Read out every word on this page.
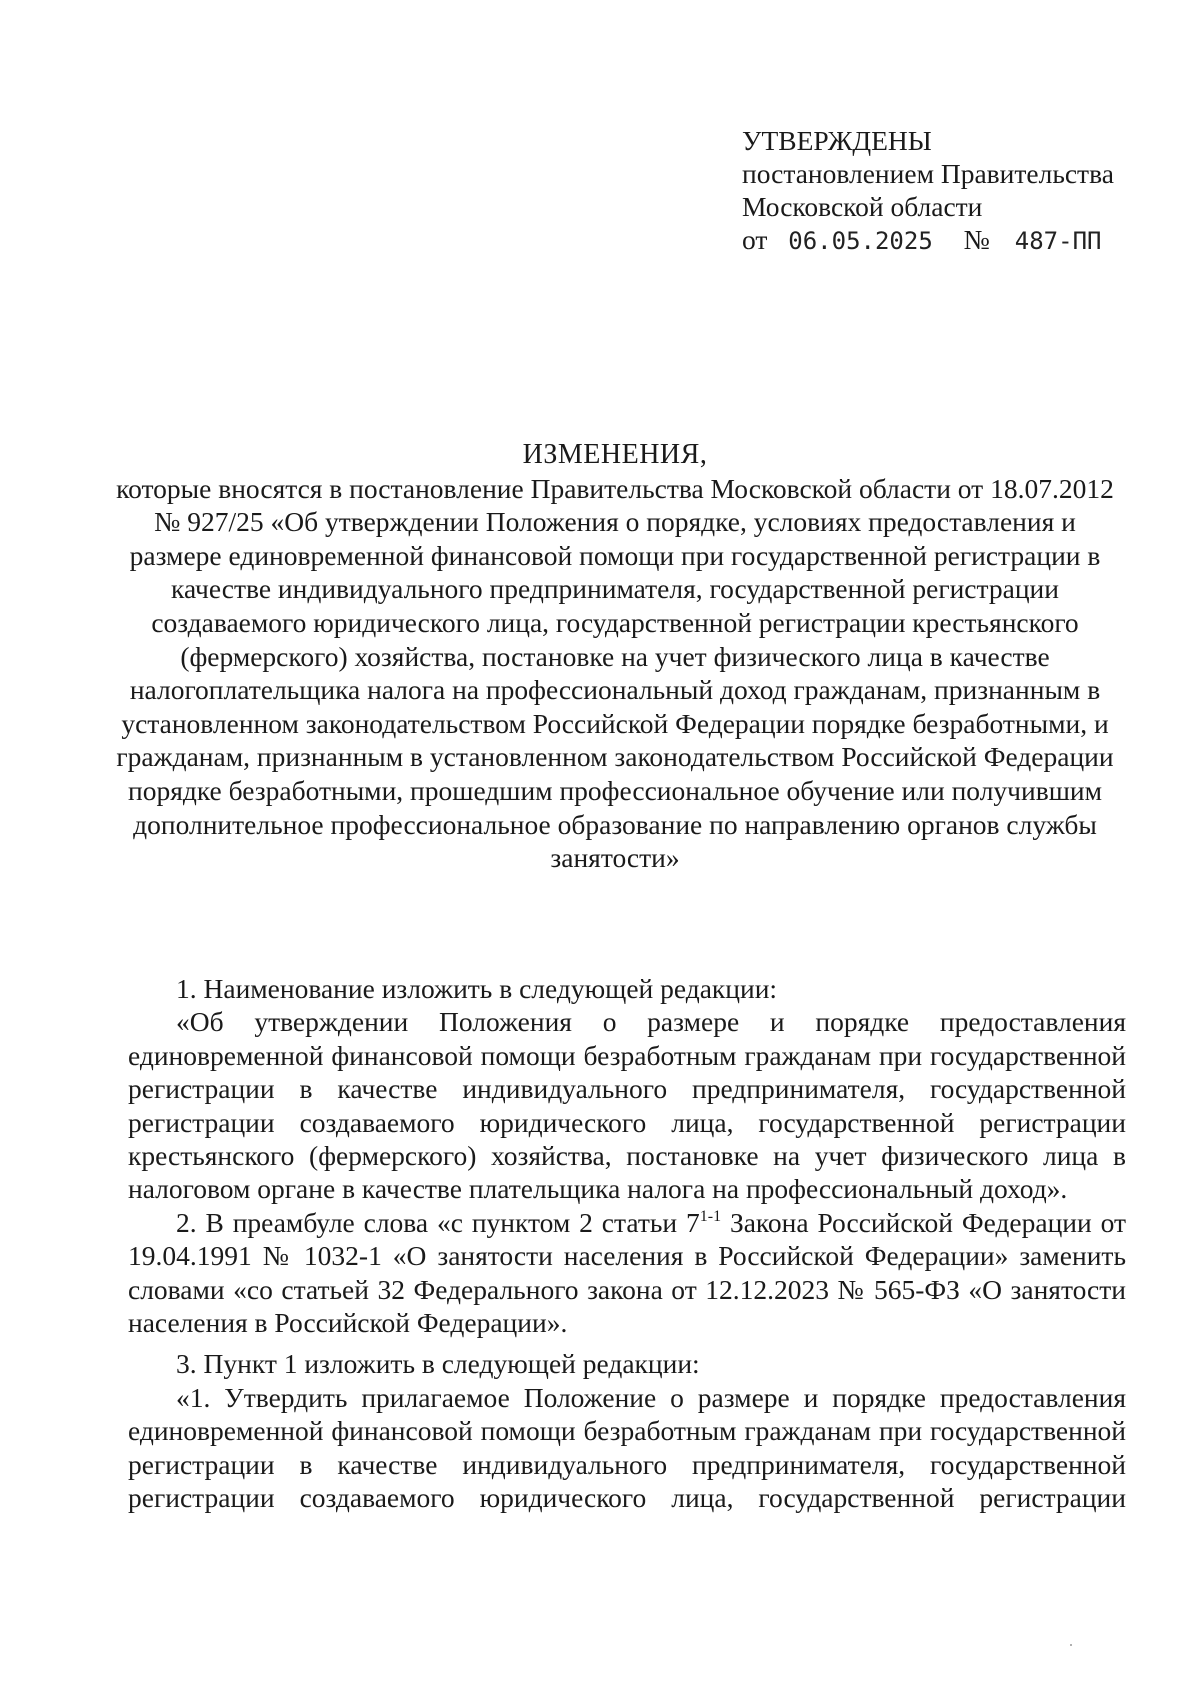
УТВЕРЖДЕНЫ
постановлением Правительства
Московской области
от 06.05.2025 № 487-ПП

ИЗМЕНЕНИЯ,

которые вносятся в постановление Правительства Московской области от 18.07.2012 № 927/25 «Об утверждении Положения о порядке, условиях предоставления и размере единовременной финансовой помощи при государственной регистрации в качестве индивидуального предпринимателя, государственной регистрации создаваемого юридического лица, государственной регистрации крестьянского (фермерского) хозяйства, постановке на учет физического лица в качестве налогоплательщика налога на профессиональный доход гражданам, признанным в установленном законодательством Российской Федерации порядке безработными, и гражданам, признанным в установленном законодательством Российской Федерации порядке безработными, прошедшим профессиональное обучение или получившим дополнительное профессиональное образование по направлению органов службы занятости»

1. Наименование изложить в следующей редакции:

«Об утверждении Положения о размере и порядке предоставления единовременной финансовой помощи безработным гражданам при государственной регистрации в качестве индивидуального предпринимателя, государственной регистрации создаваемого юридического лица, государственной регистрации крестьянского (фермерского) хозяйства, постановке на учет физического лица в налоговом органе в качестве плательщика налога на профессиональный доход».

2. В преамбуле слова «с пунктом 2 статьи 7$^{1-1}$ Закона Российской Федерации от 19.04.1991 № 1032-1 «О занятости населения в Российской Федерации» заменить словами «со статьей 32 Федерального закона от 12.12.2023 № 565-ФЗ «О занятости населения в Российской Федерации».

3. Пункт 1 изложить в следующей редакции:

«1. Утвердить прилагаемое Положение о размере и порядке предоставления единовременной финансовой помощи безработным гражданам при государственной регистрации в качестве индивидуального предпринимателя, государственной регистрации создаваемого юридического лица, государственной регистрации
